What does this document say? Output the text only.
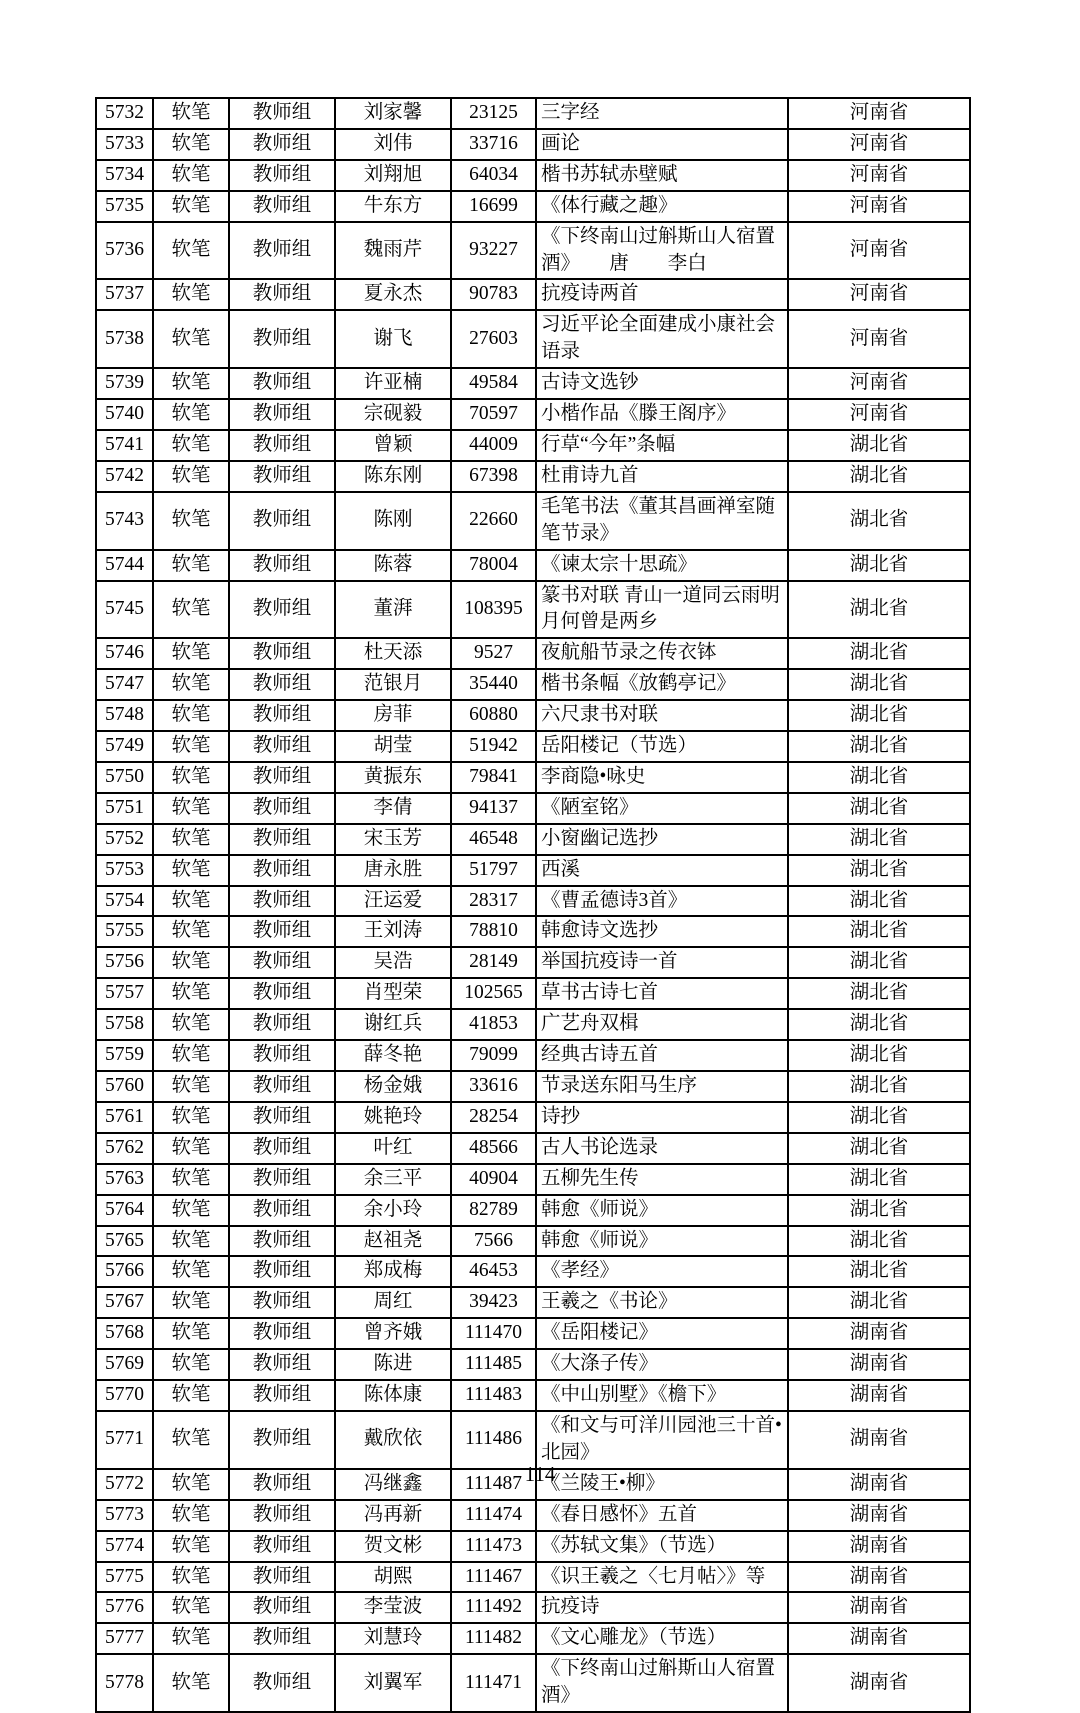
5732	软笔	教师组	刘家馨	23125	三字经	河南省
5733	软笔	教师组	刘伟	33716	画论	河南省
5734	软笔	教师组	刘翔旭	64034	楷书苏轼赤壁赋	河南省
5735	软笔	教师组	牛东方	16699	《体行藏之趣》	河南省
5736	软笔	教师组	魏雨芹	93227	《下终南山过斛斯山人宿置酒》　　唐　　李白	河南省
5737	软笔	教师组	夏永杰	90783	抗疫诗两首	河南省
5738	软笔	教师组	谢飞	27603	习近平论全面建成小康社会语录	河南省
5739	软笔	教师组	许亚楠	49584	古诗文选钞	河南省
5740	软笔	教师组	宗砚毅	70597	小楷作品《滕王阁序》	河南省
5741	软笔	教师组	曾颖	44009	行草“今年”条幅	湖北省
5742	软笔	教师组	陈东刚	67398	杜甫诗九首	湖北省
5743	软笔	教师组	陈刚	22660	毛笔书法《董其昌画禅室随笔节录》	湖北省
5744	软笔	教师组	陈蓉	78004	《谏太宗十思疏》	湖北省
5745	软笔	教师组	董湃	108395	篆书对联 青山一道同云雨明月何曾是两乡	湖北省
5746	软笔	教师组	杜天添	9527	夜航船节录之传衣钵	湖北省
5747	软笔	教师组	范银月	35440	楷书条幅《放鹤亭记》	湖北省
5748	软笔	教师组	房菲	60880	六尺隶书对联	湖北省
5749	软笔	教师组	胡莹	51942	岳阳楼记（节选）	湖北省
5750	软笔	教师组	黄振东	79841	李商隐•咏史	湖北省
5751	软笔	教师组	李倩	94137	《陋室铭》	湖北省
5752	软笔	教师组	宋玉芳	46548	小窗幽记选抄	湖北省
5753	软笔	教师组	唐永胜	51797	西溪	湖北省
5754	软笔	教师组	汪运爱	28317	《曹孟德诗3首》	湖北省
5755	软笔	教师组	王刘涛	78810	韩愈诗文选抄	湖北省
5756	软笔	教师组	吴浩	28149	举国抗疫诗一首	湖北省
5757	软笔	教师组	肖型荣	102565	草书古诗七首	湖北省
5758	软笔	教师组	谢红兵	41853	广艺舟双楫	湖北省
5759	软笔	教师组	薛冬艳	79099	经典古诗五首	湖北省
5760	软笔	教师组	杨金娥	33616	节录送东阳马生序	湖北省
5761	软笔	教师组	姚艳玲	28254	诗抄	湖北省
5762	软笔	教师组	叶红	48566	古人书论选录	湖北省
5763	软笔	教师组	余三平	40904	五柳先生传	湖北省
5764	软笔	教师组	余小玲	82789	韩愈《师说》	湖北省
5765	软笔	教师组	赵祖尧	7566	韩愈《师说》	湖北省
5766	软笔	教师组	郑成梅	46453	《孝经》	湖北省
5767	软笔	教师组	周红	39423	王羲之《书论》	湖北省
5768	软笔	教师组	曾齐娥	111470	《岳阳楼记》	湖南省
5769	软笔	教师组	陈进	111485	《大涤子传》	湖南省
5770	软笔	教师组	陈体康	111483	《中山别墅》《檐下》	湖南省
5771	软笔	教师组	戴欣依	111486	《和文与可洋川园池三十首•北园》	湖南省
5772	软笔	教师组	冯继鑫	111487	《兰陵王•柳》	湖南省
5773	软笔	教师组	冯再新	111474	《春日感怀》五首	湖南省
5774	软笔	教师组	贺文彬	111473	《苏轼文集》（节选）	湖南省
5775	软笔	教师组	胡熙	111467	《识王羲之〈七月帖〉》等	湖南省
5776	软笔	教师组	李莹波	111492	抗疫诗	湖南省
5777	软笔	教师组	刘慧玲	111482	《文心雕龙》（节选）	湖南省
5778	软笔	教师组	刘翼军	111471	《下终南山过斛斯山人宿置酒》	湖南省
114
